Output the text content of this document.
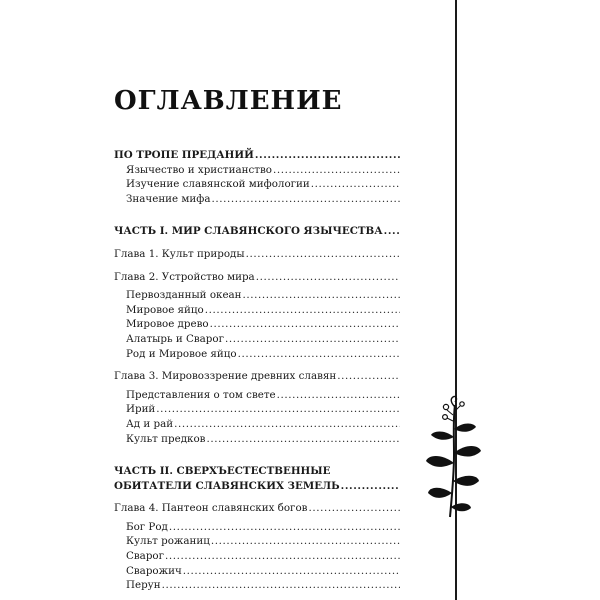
ОГЛАВЛЕНИЕ
ПО ТРОПЕ ПРЕДАНИЙ
.....
Язычество и христианство
.....
Изучение славянской мифологии
.....
Значение мифа
.....
ЧАСТЬ I. МИР СЛАВЯНСКОГО ЯЗЫЧЕСТВА
.....
Глава 1. Культ природы
.....
Глава 2. Устройство мира
.....
Первозданный океан
.....
Мировое яйцо
.....
Мировое древо
.....
Алатырь и Сварог
.....
Род и Мировое яйцо
.....
Глава 3. Мировоззрение древних славян
.....
Представления о том свете
.....
Ирий
.....
Ад и рай
.....
Культ предков
.....
ЧАСТЬ II. СВЕРХЪЕСТЕСТВЕННЫЕ
ОБИТАТЕЛИ СЛАВЯНСКИХ ЗЕМЕЛЬ
.....
Глава 4. Пантеон славянских богов
.....
Бог Род
.....
Культ рожаниц
.....
Сварог
.....
Сварожич
.....
Перун
.....
